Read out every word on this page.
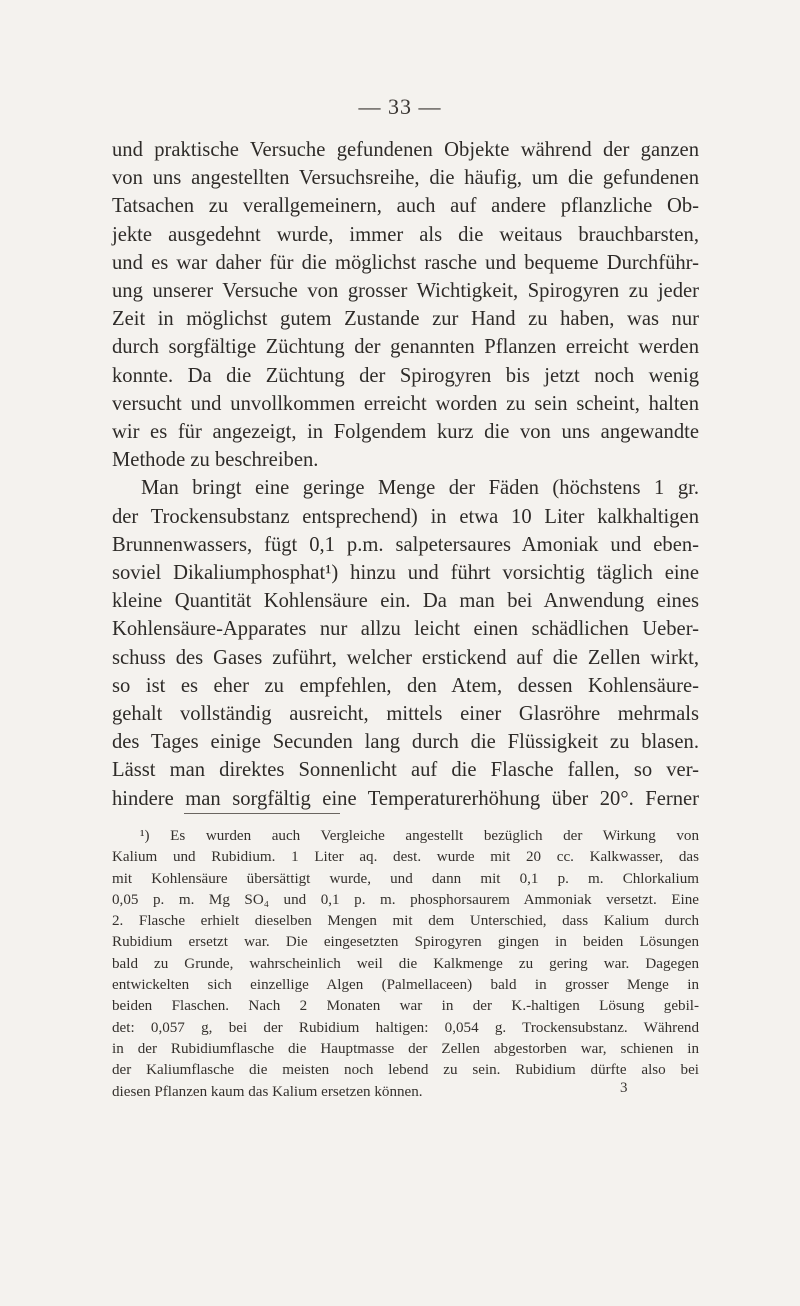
— 33 —
und praktische Versuche gefundenen Objekte während der ganzen
von uns angestellten Versuchsreihe, die häufig, um die gefundenen
Tatsachen zu verallgemeinern, auch auf andere pflanzliche Ob-
jekte ausgedehnt wurde, immer als die weitaus brauchbarsten,
und es war daher für die möglichst rasche und bequeme Durchführ-
ung unserer Versuche von grosser Wichtigkeit, Spirogyren zu jeder
Zeit in möglichst gutem Zustande zur Hand zu haben, was nur
durch sorgfältige Züchtung der genannten Pflanzen erreicht werden
konnte. Da die Züchtung der Spirogyren bis jetzt noch wenig
versucht und unvollkommen erreicht worden zu sein scheint, halten
wir es für angezeigt, in Folgendem kurz die von uns angewandte
Methode zu beschreiben.
Man bringt eine geringe Menge der Fäden (höchstens 1 gr.
der Trockensubstanz entsprechend) in etwa 10 Liter kalkhaltigen
Brunnenwassers, fügt 0,1 p.m. salpetersaures Amoniak und eben-
soviel Dikaliumphosphat¹) hinzu und führt vorsichtig täglich eine
kleine Quantität Kohlensäure ein. Da man bei Anwendung eines
Kohlensäure-Apparates nur allzu leicht einen schädlichen Ueber-
schuss des Gases zuführt, welcher erstickend auf die Zellen wirkt,
so ist es eher zu empfehlen, den Atem, dessen Kohlensäure-
gehalt vollständig ausreicht, mittels einer Glasröhre mehrmals
des Tages einige Secunden lang durch die Flüssigkeit zu blasen.
Lässt man direktes Sonnenlicht auf die Flasche fallen, so ver-
hindere man sorgfältig eine Temperaturerhöhung über 20°. Ferner
¹) Es wurden auch Vergleiche angestellt bezüglich der Wirkung von
Kalium und Rubidium. 1 Liter aq. dest. wurde mit 20 cc. Kalkwasser, das
mit Kohlensäure übersättigt wurde, und dann mit 0,1 p. m. Chlorkalium
0,05 p. m. Mg SO₄ und 0,1 p. m. phosphorsaurem Ammoniak versetzt. Eine
2. Flasche erhielt dieselben Mengen mit dem Unterschied, dass Kalium durch
Rubidium ersetzt war. Die eingesetzten Spirogyren gingen in beiden Lösungen
bald zu Grunde, wahrscheinlich weil die Kalkmenge zu gering war. Dagegen
entwickelten sich einzellige Algen (Palmellaceen) bald in grosser Menge in
beiden Flaschen. Nach 2 Monaten war in der K.-haltigen Lösung gebil-
det: 0,057 g, bei der Rubidium haltigen: 0,054 g. Trockensubstanz. Während
in der Rubidiumflasche die Hauptmasse der Zellen abgestorben war, schienen in
der Kaliumflasche die meisten noch lebend zu sein. Rubidium dürfte also bei
diesen Pflanzen kaum das Kalium ersetzen können.	3
